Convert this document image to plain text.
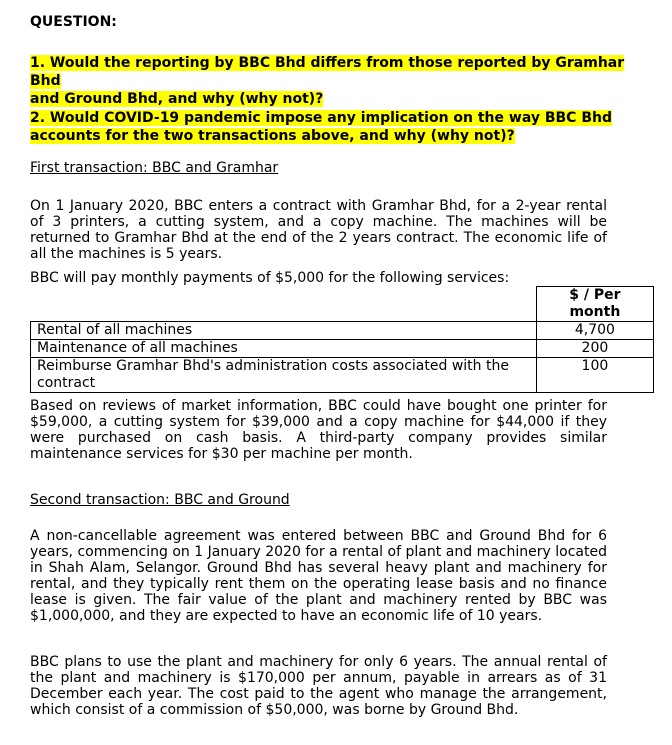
QUESTION:

1. Would the reporting by BBC Bhd differs from those reported by Gramhar Bhd
and Ground Bhd, and why (why not)?

2. Would COVID-19 pandemic impose any implication on the way BBC Bhd
accounts for the two transactions above, and why (why not)?

First transaction: BBC and Gramhar

On 1 January 2020, BBC enters a contract with Gramhar Bhd, for a 2-year rental of 3 printers, a cutting system, and a copy machine. The machines will be returned to Gramhar Bhd at the end of the 2 years contract. The economic life of all the machines is 5 years.

BBC will pay monthly payments of $5,000 for the following services:

	$ / Per month
Rental of all machines	4,700
Maintenance of all machines	200
Reimburse Gramhar Bhd's administration costs associated with the contract	100

Based on reviews of market information, BBC could have bought one printer for $59,000, a cutting system for $39,000 and a copy machine for $44,000 if they were purchased on cash basis. A third-party company provides similar maintenance services for $30 per machine per month.

Second transaction: BBC and Ground

A non-cancellable agreement was entered between BBC and Ground Bhd for 6 years, commencing on 1 January 2020 for a rental of plant and machinery located in Shah Alam, Selangor. Ground Bhd has several heavy plant and machinery for rental, and they typically rent them on the operating lease basis and no finance lease is given. The fair value of the plant and machinery rented by BBC was $1,000,000, and they are expected to have an economic life of 10 years.

BBC plans to use the plant and machinery for only 6 years. The annual rental of the plant and machinery is $170,000 per annum, payable in arrears as of 31 December each year. The cost paid to the agent who manage the arrangement, which consist of a commission of $50,000, was borne by Ground Bhd.
